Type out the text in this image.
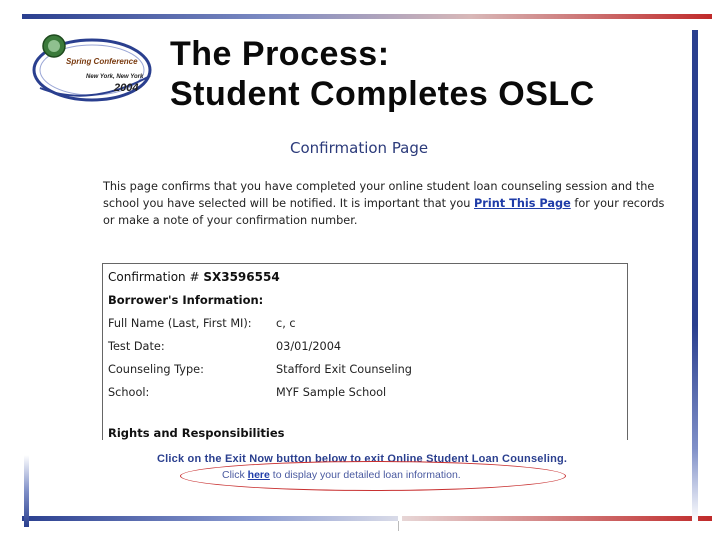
Spring Conference
New York, New York
2004
The Process:
Student Completes OSLC
Confirmation Page
This page confirms that you have completed your online student loan counseling session and the
school you have selected will be notified. It is important that you Print This Page for your records
or make a note of your confirmation number.
Confirmation # SX3596554
Borrower's Information:
Full Name (Last, First MI): c, c
Test Date:	03/01/2004
Counseling Type:	Stafford Exit Counseling
School:	MYF Sample School
Rights and Responsibilities
Click on the Exit Now button below to exit Online Student Loan Counseling.
Click here to display your detailed loan information.
